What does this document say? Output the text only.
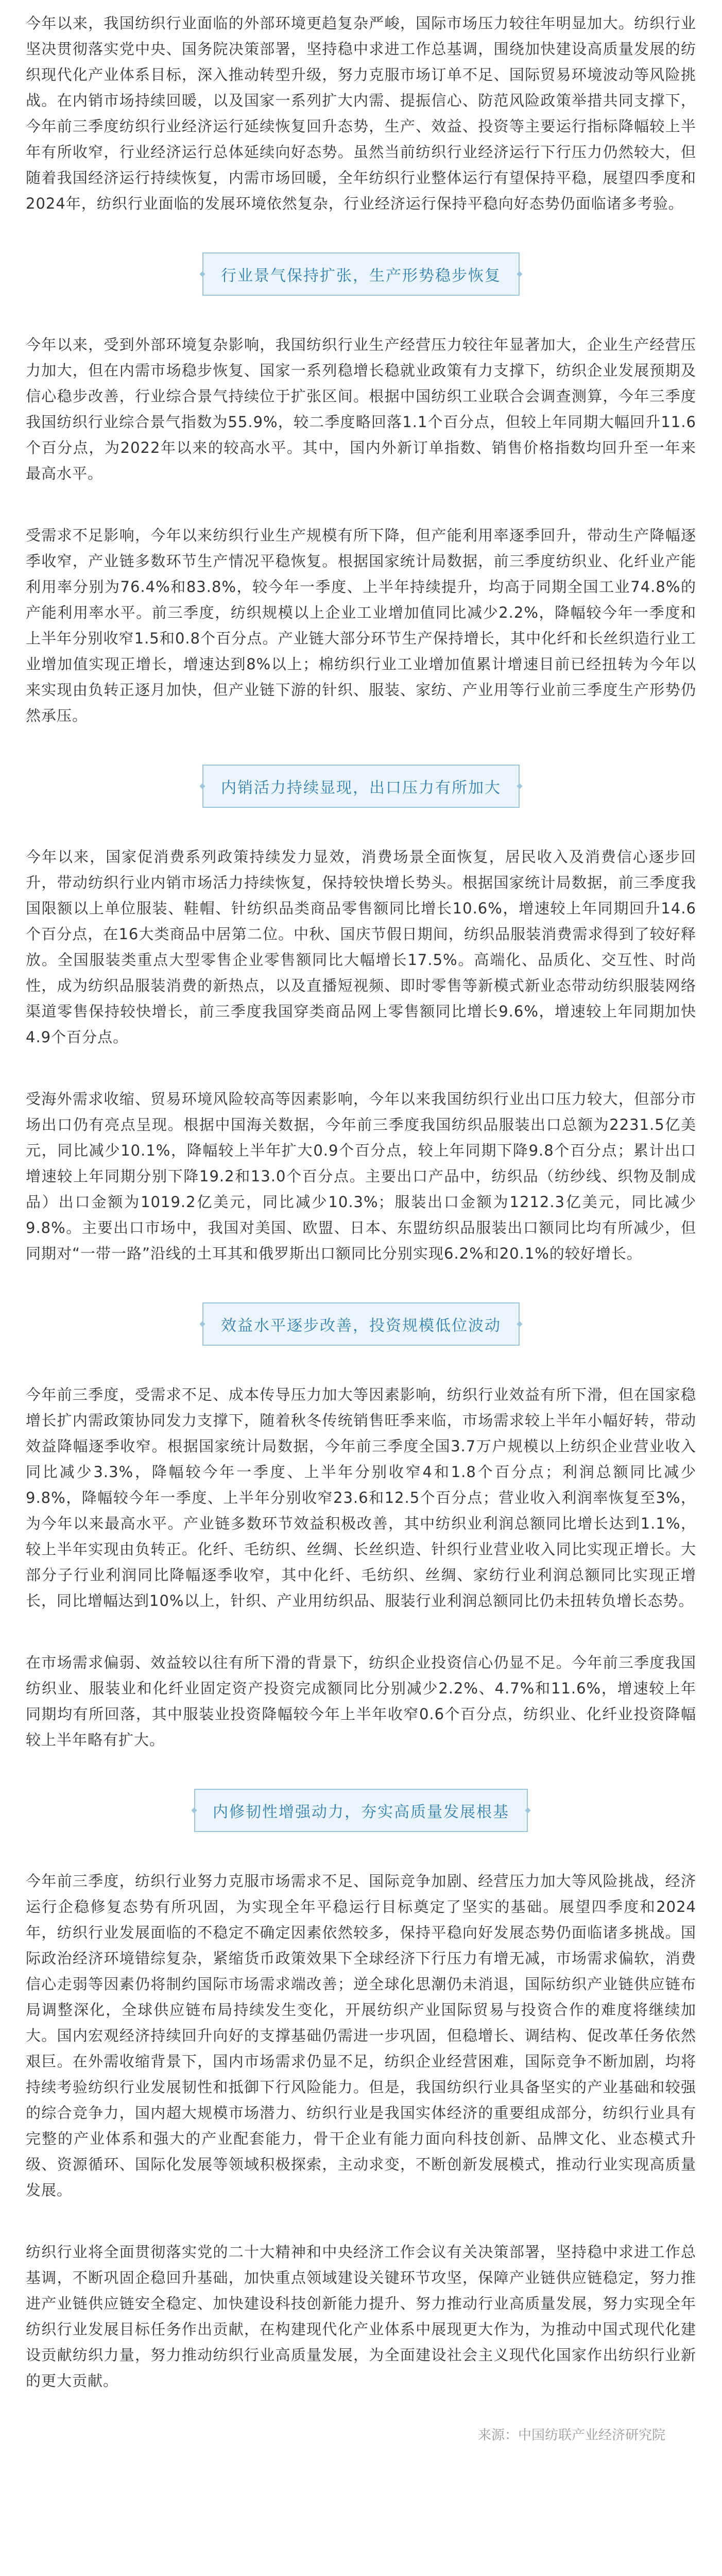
今年以来，我国纺织行业面临的外部环境更趋复杂严峻，国际市场压力较往年明显加大。纺织行业坚决贯彻落实党中央、国务院决策部署，坚持稳中求进工作总基调，围绕加快建设高质量发展的纺织现代化产业体系目标，深入推动转型升级，努力克服市场订单不足、国际贸易环境波动等风险挑战。在内销市场持续回暖，以及国家一系列扩大内需、提振信心、防范风险政策举措共同支撑下，今年前三季度纺织行业经济运行延续恢复回升态势，生产、效益、投资等主要运行指标降幅较上半年有所收窄，行业经济运行总体延续向好态势。虽然当前纺织行业经济运行下行压力仍然较大，但随着我国经济运行持续恢复，内需市场回暖，全年纺织行业整体运行有望保持平稳，展望四季度和2024年，纺织行业面临的发展环境依然复杂，行业经济运行保持平稳向好态势仍面临诸多考验。

行业景气保持扩张，生产形势稳步恢复

今年以来，受到外部环境复杂影响，我国纺织行业生产经营压力较往年显著加大，企业生产经营压力加大，但在内需市场稳步恢复、国家一系列稳增长稳就业政策有力支撑下，纺织企业发展预期及信心稳步改善，行业综合景气持续位于扩张区间。根据中国纺织工业联合会调查测算，今年三季度我国纺织行业综合景气指数为55.9%，较二季度略回落1.1个百分点，但较上年同期大幅回升11.6个百分点，为2022年以来的较高水平。其中，国内外新订单指数、销售价格指数均回升至一年来最高水平。

受需求不足影响，今年以来纺织行业生产规模有所下降，但产能利用率逐季回升，带动生产降幅逐季收窄，产业链多数环节生产情况平稳恢复。根据国家统计局数据，前三季度纺织业、化纤业产能利用率分别为76.4%和83.8%，较今年一季度、上半年持续提升，均高于同期全国工业74.8%的产能利用率水平。前三季度，纺织规模以上企业工业增加值同比减少2.2%，降幅较今年一季度和上半年分别收窄1.5和0.8个百分点。产业链大部分环节生产保持增长，其中化纤和长丝织造行业工业增加值实现正增长，增速达到8%以上；棉纺织行业工业增加值累计增速目前已经扭转为今年以来实现由负转正逐月加快，但产业链下游的针织、服装、家纺、产业用等行业前三季度生产形势仍然承压。

内销活力持续显现，出口压力有所加大

今年以来，国家促消费系列政策持续发力显效，消费场景全面恢复，居民收入及消费信心逐步回升，带动纺织行业内销市场活力持续恢复，保持较快增长势头。根据国家统计局数据，前三季度我国限额以上单位服装、鞋帽、针纺织品类商品零售额同比增长10.6%，增速较上年同期回升14.6个百分点，在16大类商品中居第二位。中秋、国庆节假日期间，纺织品服装消费需求得到了较好释放。全国服装类重点大型零售企业零售额同比大幅增长17.5%。高端化、品质化、交互性、时尚性，成为纺织品服装消费的新热点，以及直播短视频、即时零售等新模式新业态带动纺织服装网络渠道零售保持较快增长，前三季度我国穿类商品网上零售额同比增长9.6%，增速较上年同期加快4.9个百分点。

受海外需求收缩、贸易环境风险较高等因素影响，今年以来我国纺织行业出口压力较大，但部分市场出口仍有亮点呈现。根据中国海关数据，今年前三季度我国纺织品服装出口总额为2231.5亿美元，同比减少10.1%，降幅较上半年扩大0.9个百分点，较上年同期下降9.8个百分点；累计出口增速较上年同期分别下降19.2和13.0个百分点。主要出口产品中，纺织品（纺纱线、织物及制成品）出口金额为1019.2亿美元，同比减少10.3%；服装出口金额为1212.3亿美元，同比减少9.8%。主要出口市场中，我国对美国、欧盟、日本、东盟纺织品服装出口额同比均有所减少，但同期对“一带一路”沿线的土耳其和俄罗斯出口额同比分别实现6.2%和20.1%的较好增长。

效益水平逐步改善，投资规模低位波动

今年前三季度，受需求不足、成本传导压力加大等因素影响，纺织行业效益有所下滑，但在国家稳增长扩内需政策协同发力支撑下，随着秋冬传统销售旺季来临，市场需求较上半年小幅好转，带动效益降幅逐季收窄。根据国家统计局数据，今年前三季度全国3.7万户规模以上纺织企业营业收入同比减少3.3%，降幅较今年一季度、上半年分别收窄4和1.8个百分点；利润总额同比减少9.8%，降幅较今年一季度、上半年分别收窄23.6和12.5个百分点；营业收入利润率恢复至3%，为今年以来最高水平。产业链多数环节效益积极改善，其中纺织业利润总额同比增长达到1.1%，较上半年实现由负转正。化纤、毛纺织、丝绸、长丝织造、针织行业营业收入同比实现正增长。大部分子行业利润同比降幅逐季收窄，其中化纤、毛纺织、丝绸、家纺行业利润总额同比实现正增长，同比增幅达到10%以上，针织、产业用纺织品、服装行业利润总额同比仍未扭转负增长态势。

在市场需求偏弱、效益较以往有所下滑的背景下，纺织企业投资信心仍显不足。今年前三季度我国纺织业、服装业和化纤业固定资产投资完成额同比分别减少2.2%、4.7%和11.6%，增速较上年同期均有所回落，其中服装业投资降幅较今年上半年收窄0.6个百分点，纺织业、化纤业投资降幅较上半年略有扩大。

内修韧性增强动力，夯实高质量发展根基

今年前三季度，纺织行业努力克服市场需求不足、国际竞争加剧、经营压力加大等风险挑战，经济运行企稳修复态势有所巩固，为实现全年平稳运行目标奠定了坚实的基础。展望四季度和2024年，纺织行业发展面临的不稳定不确定因素依然较多，保持平稳向好发展态势仍面临诸多挑战。国际政治经济环境错综复杂，紧缩货币政策效果下全球经济下行压力有增无减，市场需求偏软，消费信心走弱等因素仍将制约国际市场需求端改善；逆全球化思潮仍未消退，国际纺织产业链供应链布局调整深化，全球供应链布局持续发生变化，开展纺织产业国际贸易与投资合作的难度将继续加大。国内宏观经济持续回升向好的支撑基础仍需进一步巩固，但稳增长、调结构、促改革任务依然艰巨。在外需收缩背景下，国内市场需求仍显不足，纺织企业经营困难，国际竞争不断加剧，均将持续考验纺织行业发展韧性和抵御下行风险能力。但是，我国纺织行业具备坚实的产业基础和较强的综合竞争力，国内超大规模市场潜力、纺织行业是我国实体经济的重要组成部分，纺织行业具有完整的产业体系和强大的产业配套能力，骨干企业有能力面向科技创新、品牌文化、业态模式升级、资源循环、国际化发展等领域积极探索，主动求变，不断创新发展模式，推动行业实现高质量发展。

纺织行业将全面贯彻落实党的二十大精神和中央经济工作会议有关决策部署，坚持稳中求进工作总基调，不断巩固企稳回升基础，加快重点领域建设关键环节攻坚，保障产业链供应链稳定，努力推进产业链供应链安全稳定、加快建设科技创新能力提升、努力推动行业高质量发展，努力实现全年纺织行业发展目标任务作出贡献，在构建现代化产业体系中展现更大作为，为推动中国式现代化建设贡献纺织力量，努力推动纺织行业高质量发展，为全面建设社会主义现代化国家作出纺织行业新的更大贡献。

来源：中国纺联产业经济研究院
